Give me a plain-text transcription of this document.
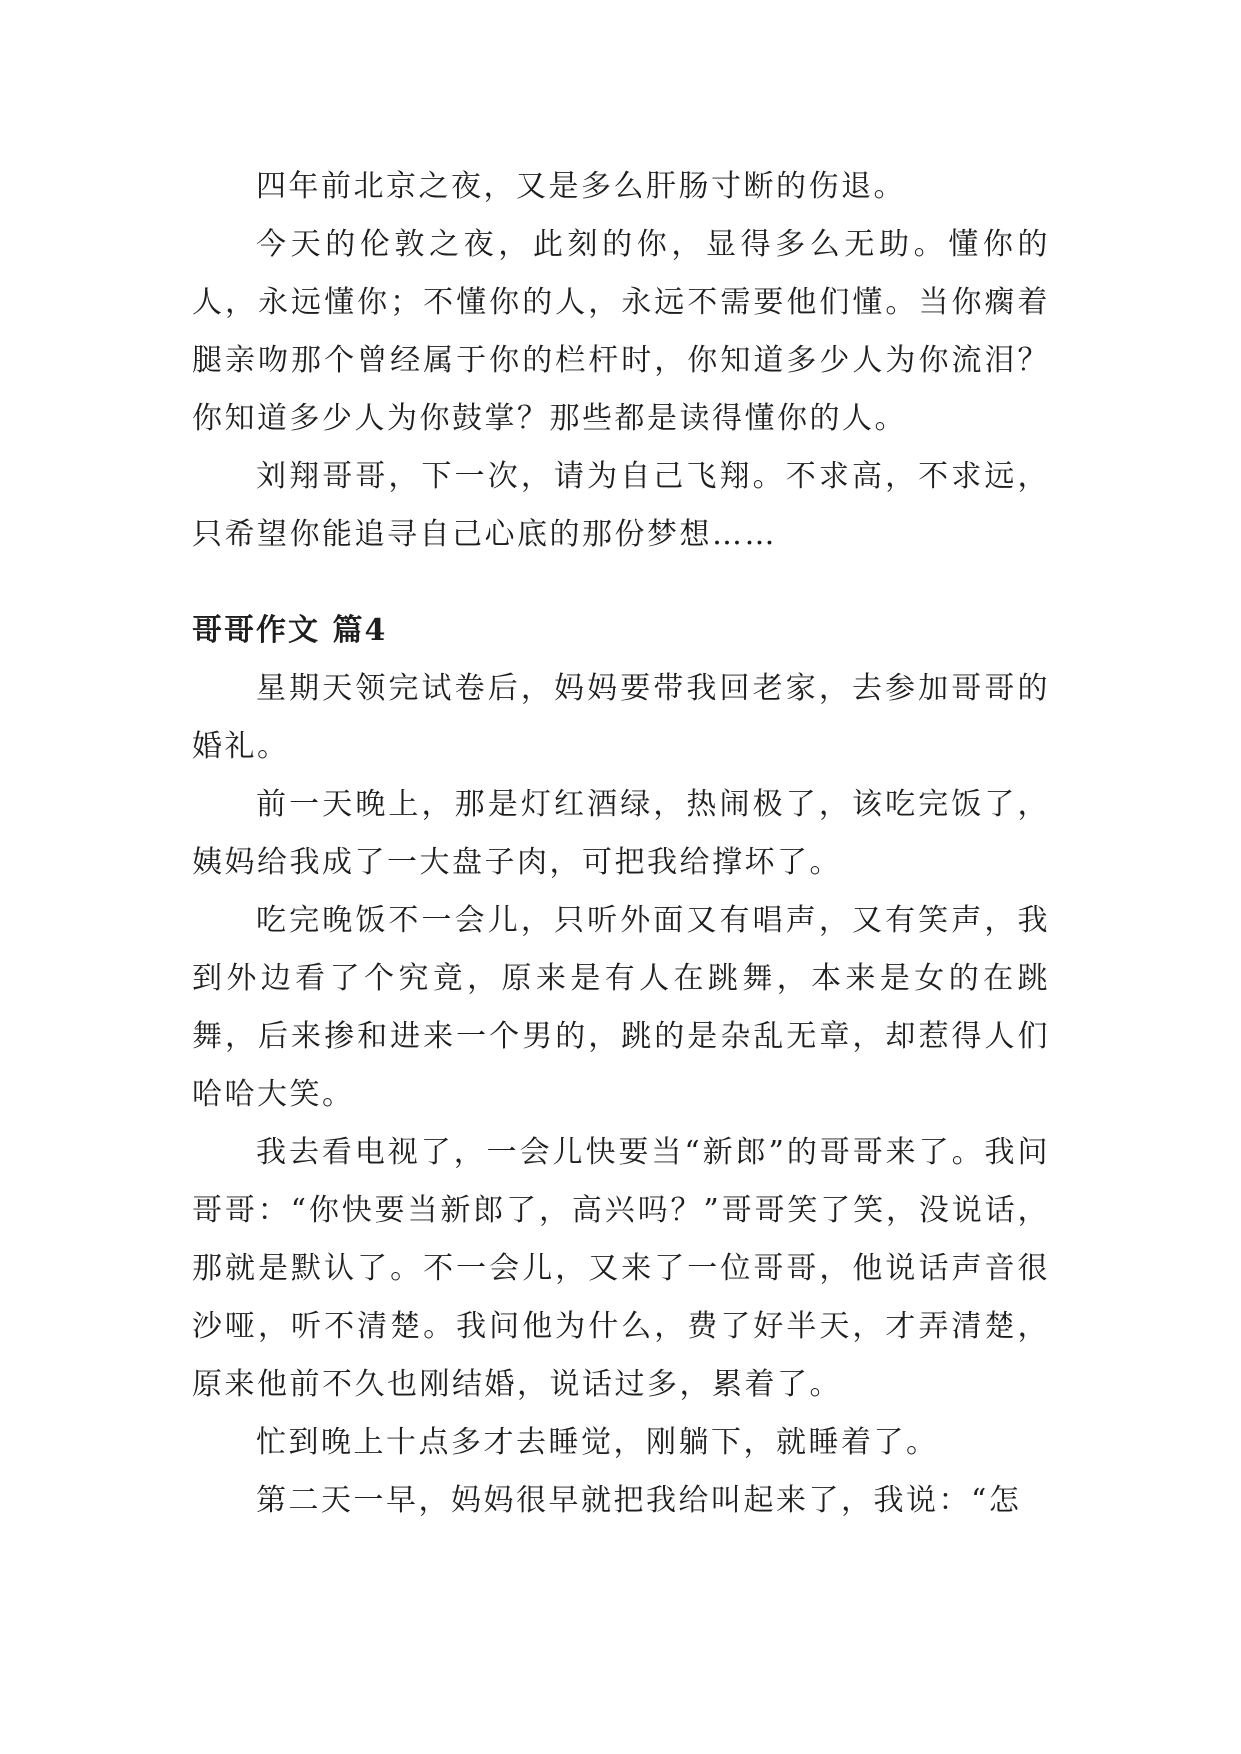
四年前北京之夜，又是多么肝肠寸断的伤退。

今天的伦敦之夜，此刻的你，显得多么无助。懂你的人，永远懂你；不懂你的人，永远不需要他们懂。当你瘸着腿亲吻那个曾经属于你的栏杆时，你知道多少人为你流泪？你知道多少人为你鼓掌？那些都是读得懂你的人。

刘翔哥哥，下一次，请为自己飞翔。不求高，不求远，只希望你能追寻自己心底的那份梦想……

哥哥作文 篇4

星期天领完试卷后，妈妈要带我回老家，去参加哥哥的婚礼。

前一天晚上，那是灯红酒绿，热闹极了，该吃完饭了，姨妈给我成了一大盘子肉，可把我给撑坏了。

吃完晚饭不一会儿，只听外面又有唱声，又有笑声，我到外边看了个究竟，原来是有人在跳舞，本来是女的在跳舞，后来掺和进来一个男的，跳的是杂乱无章，却惹得人们哈哈大笑。

我去看电视了，一会儿快要当“新郎”的哥哥来了。我问哥哥：“你快要当新郎了，高兴吗？”哥哥笑了笑，没说话，那就是默认了。不一会儿，又来了一位哥哥，他说话声音很沙哑，听不清楚。我问他为什么，费了好半天，才弄清楚，原来他前不久也刚结婚，说话过多，累着了。

忙到晚上十点多才去睡觉，刚躺下，就睡着了。

第二天一早，妈妈很早就把我给叫起来了，我说：“怎
